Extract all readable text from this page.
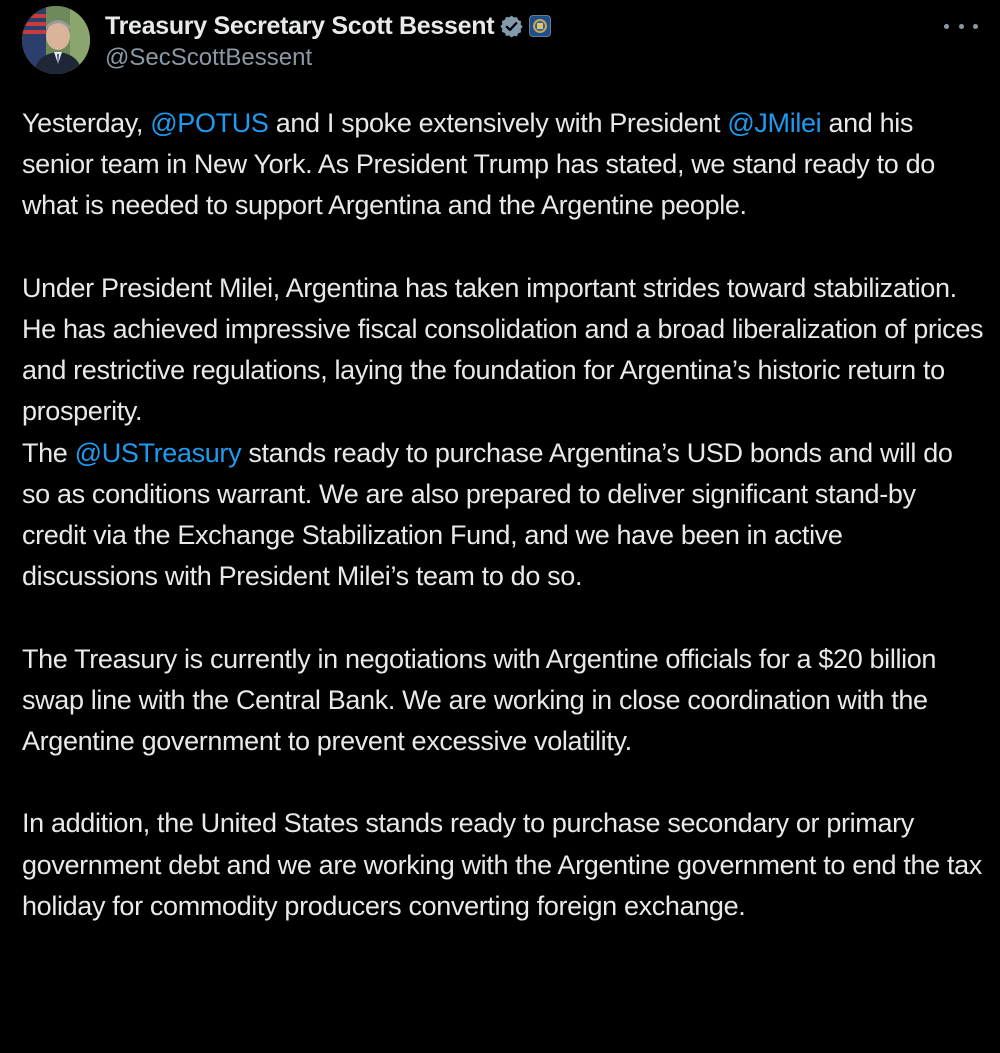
Treasury Secretary Scott Bessent
@SecScottBessent

Yesterday, @POTUS and I spoke extensively with President @JMilei and his senior team in New York. As President Trump has stated, we stand ready to do what is needed to support Argentina and the Argentine people.

Under President Milei, Argentina has taken important strides toward stabilization. He has achieved impressive fiscal consolidation and a broad liberalization of prices and restrictive regulations, laying the foundation for Argentina’s historic return to prosperity.

The @USTreasury stands ready to purchase Argentina’s USD bonds and will do so as conditions warrant. We are also prepared to deliver significant stand-by credit via the Exchange Stabilization Fund, and we have been in active discussions with President Milei’s team to do so.

The Treasury is currently in negotiations with Argentine officials for a $20 billion swap line with the Central Bank. We are working in close coordination with the Argentine government to prevent excessive volatility.

In addition, the United States stands ready to purchase secondary or primary government debt and we are working with the Argentine government to end the tax holiday for commodity producers converting foreign exchange.
